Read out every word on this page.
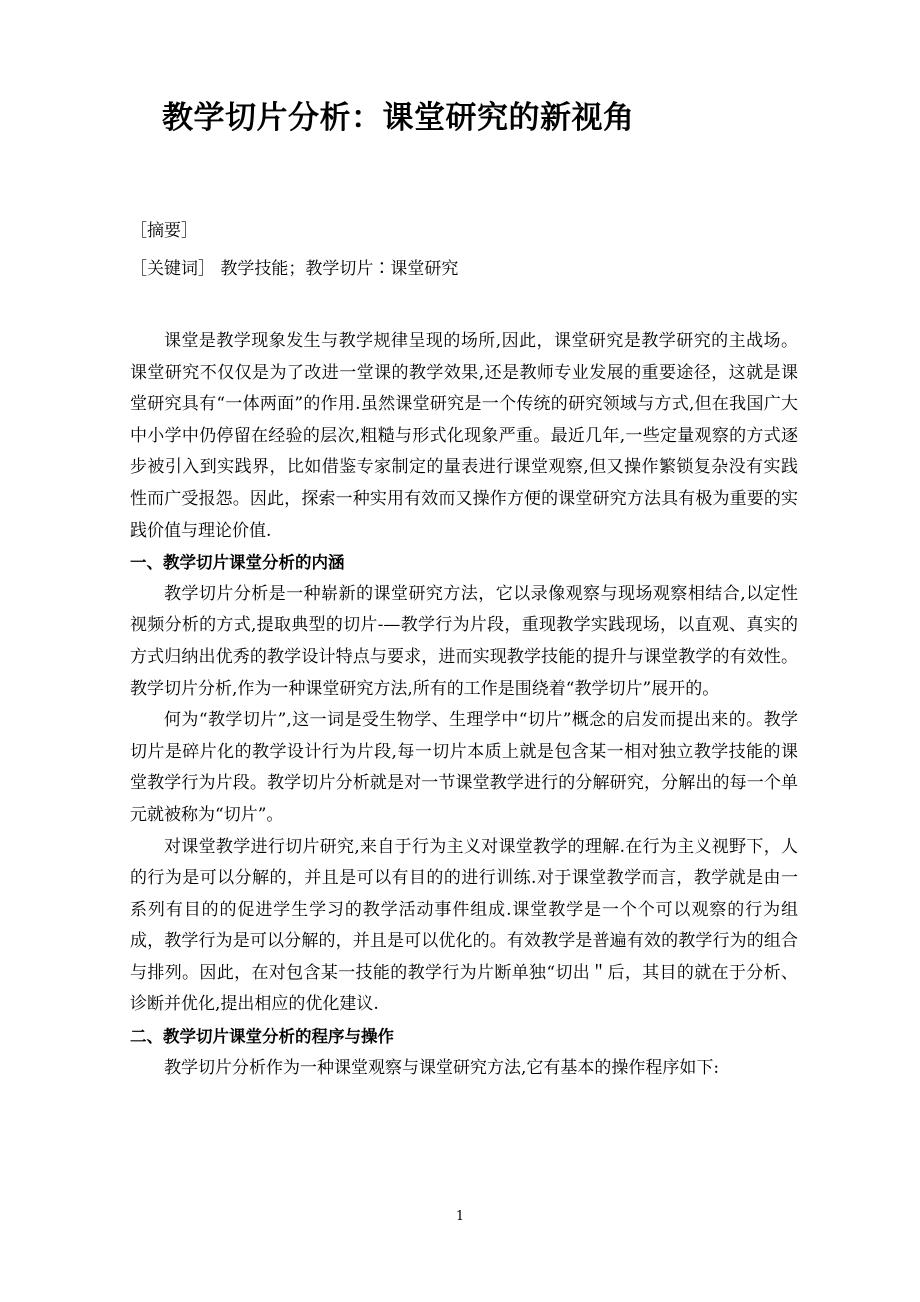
教学切片分析：课堂研究的新视角
［摘要］
［关键词］ 教学技能；教学切片∶课堂研究

课堂是教学现象发生与教学规律呈现的场所,因此，课堂研究是教学研究的主战场。课堂研究不仅仅是为了改进一堂课的教学效果,还是教师专业发展的重要途径，这就是课堂研究具有“一体两面”的作用.虽然课堂研究是一个传统的研究领域与方式,但在我国广大中小学中仍停留在经验的层次,粗糙与形式化现象严重。最近几年,一些定量观察的方式逐步被引入到实践界，比如借鉴专家制定的量表进行课堂观察,但又操作繁锁复杂没有实践性而广受报怨。因此，探索一种实用有效而又操作方便的课堂研究方法具有极为重要的实践价值与理论价值.

一、教学切片课堂分析的内涵

教学切片分析是一种崭新的课堂研究方法，它以录像观察与现场观察相结合,以定性视频分析的方式,提取典型的切片-—教学行为片段，重现教学实践现场，以直观、真实的方式归纳出优秀的教学设计特点与要求，进而实现教学技能的提升与课堂教学的有效性。教学切片分析,作为一种课堂研究方法,所有的工作是围绕着“教学切片”展开的。

何为“教学切片”,这一词是受生物学、生理学中“切片”概念的启发而提出来的。教学切片是碎片化的教学设计行为片段,每一切片本质上就是包含某一相对独立教学技能的课堂教学行为片段。教学切片分析就是对一节课堂教学进行的分解研究，分解出的每一个单元就被称为“切片”。

对课堂教学进行切片研究,来自于行为主义对课堂教学的理解.在行为主义视野下，人的行为是可以分解的，并且是可以有目的的进行训练.对于课堂教学而言，教学就是由一系列有目的的促进学生学习的教学活动事件组成.课堂教学是一个个可以观察的行为组成，教学行为是可以分解的，并且是可以优化的。有效教学是普遍有效的教学行为的组合与排列。因此，在对包含某一技能的教学行为片断单独“切出＂后，其目的就在于分析、诊断并优化,提出相应的优化建议.

二、教学切片课堂分析的程序与操作

教学切片分析作为一种课堂观察与课堂研究方法,它有基本的操作程序如下:

1
